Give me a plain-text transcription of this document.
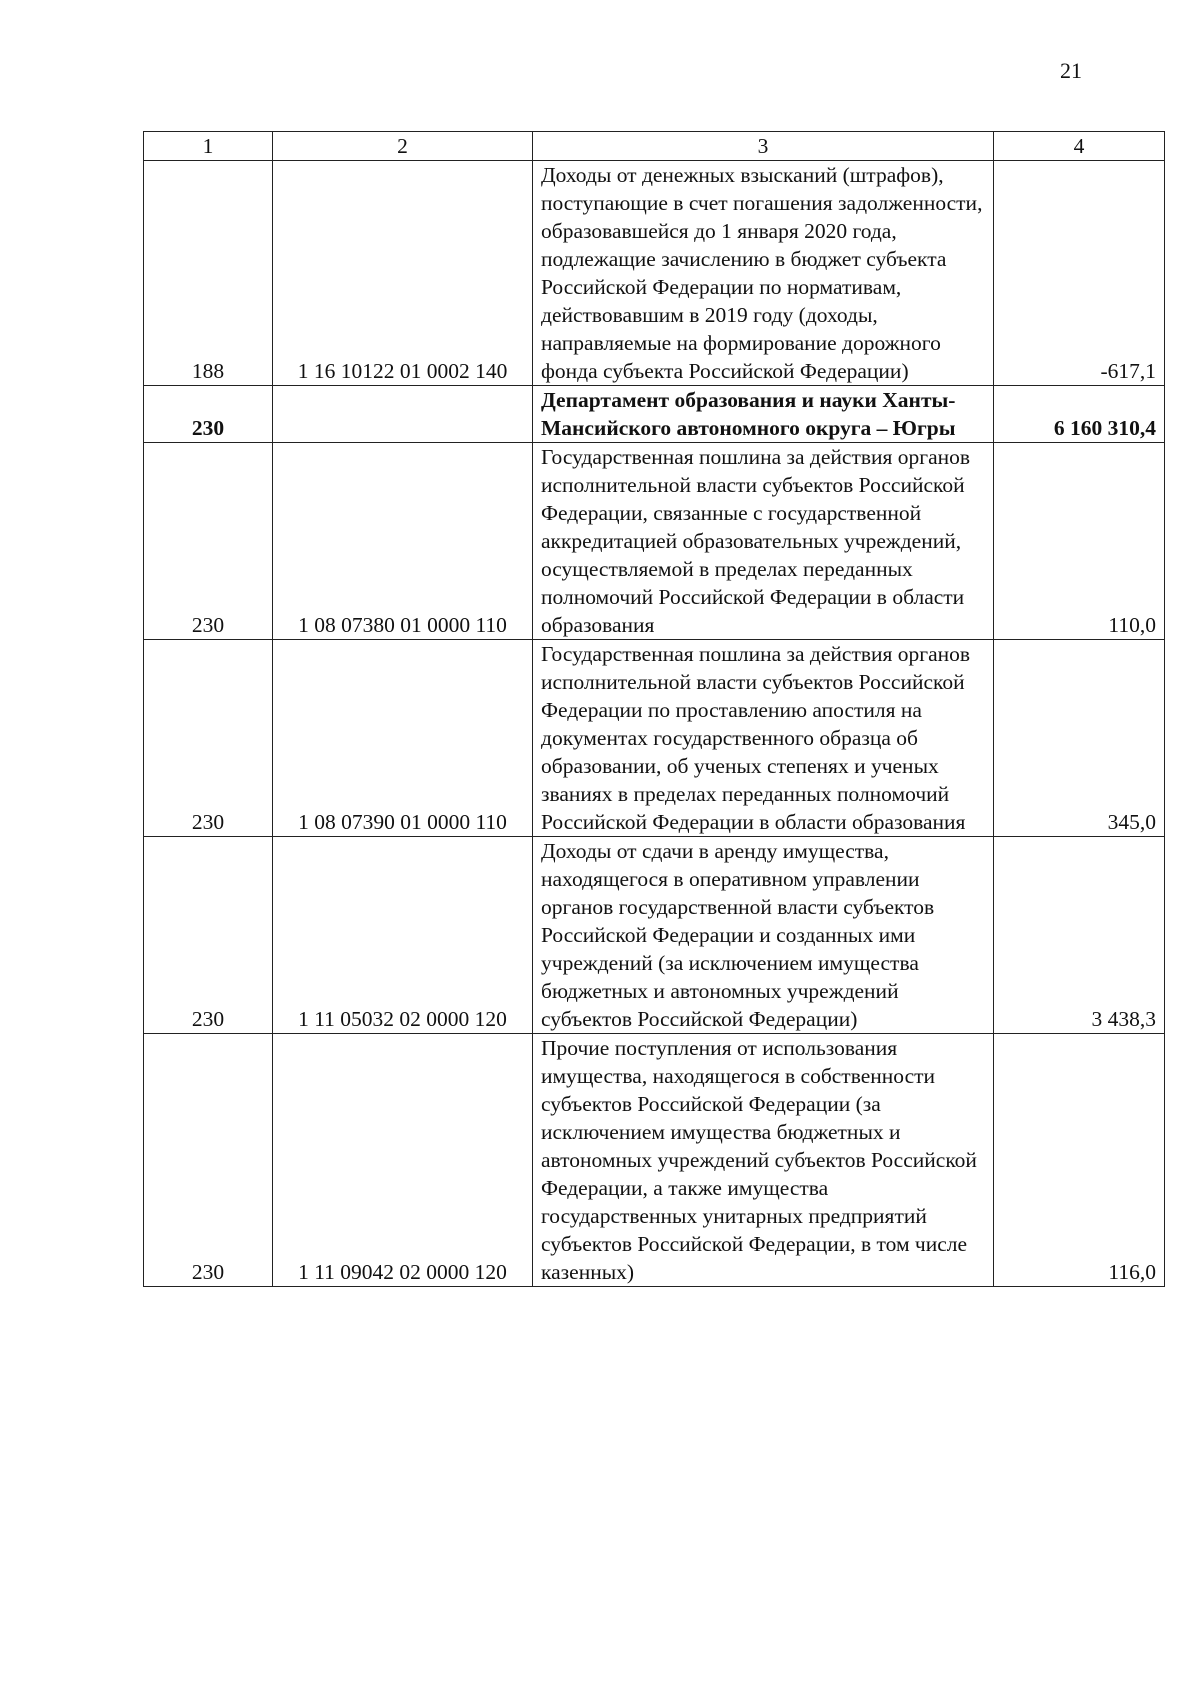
21
1	2	3	4
188	1 16 10122 01 0002 140	Доходы от денежных взысканий (штрафов), поступающие в счет погашения задолженности, образовавшейся до 1 января 2020 года, подлежащие зачислению в бюджет субъекта Российской Федерации по нормативам, действовавшим в 2019 году (доходы, направляемые на формирование дорожного фонда субъекта Российской Федерации)	-617,1
230		Департамент образования и науки Ханты-Мансийского автономного округа – Югры	6 160 310,4
230	1 08 07380 01 0000 110	Государственная пошлина за действия органов исполнительной власти субъектов Российской Федерации, связанные с государственной аккредитацией образовательных учреждений, осуществляемой в пределах переданных полномочий Российской Федерации в области образования	110,0
230	1 08 07390 01 0000 110	Государственная пошлина за действия органов исполнительной власти субъектов Российской Федерации по проставлению апостиля на документах государственного образца об образовании, об ученых степенях и ученых званиях в пределах переданных полномочий Российской Федерации в области образования	345,0
230	1 11 05032 02 0000 120	Доходы от сдачи в аренду имущества, находящегося в оперативном управлении органов государственной власти субъектов Российской Федерации и созданных ими учреждений (за исключением имущества бюджетных и автономных учреждений субъектов Российской Федерации)	3 438,3
230	1 11 09042 02 0000 120	Прочие поступления от использования имущества, находящегося в собственности субъектов Российской Федерации (за исключением имущества бюджетных и автономных учреждений субъектов Российской Федерации, а также имущества государственных унитарных предприятий субъектов Российской Федерации, в том числе казенных)	116,0
